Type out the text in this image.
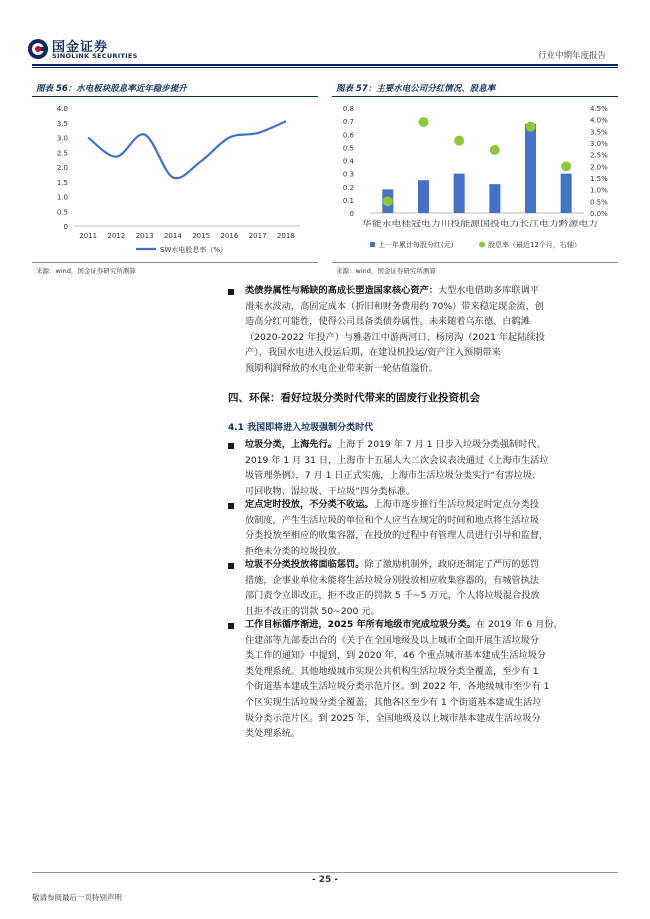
国金证券
SINOLINK SECURITIES	行业中期年度报告
图表 56：水电板块股息率近年稳步提升
0
0.5
1.0
1.5
2.0
2.5
3.0
3.5
4.0
2011 2012 2013 2014 2015 2016 2017 2018
SW水电股息率（%）
来源：wind，国金证券研究所测算
图表 57：主要水电公司分红情况、股息率
0
0.1
0.2
0.3
0.4
0.5
0.6
0.7
0.8
0.0%
0.5%
1.0%
1.5%
2.0%
2.5%
3.0%
3.5%
4.0%
4.5%
华能水电桂冠电力川投能源国投电力长江电力黔源电力
上一年累计每股分红(元)	股息率（最近12个月，右轴）
来源：wind，国金证券研究所测算
类债券属性与稀缺的高成长塑造国家核心资产：大型水电借助多库联调平
滑来水波动，高固定成本（折旧和财务费用约 70%）带来稳定现金流，创
造高分红可能性，使得公司具备类债券属性。未来随着乌东德、白鹤滩
（2020-2022 年投产）与雅砻江中游两河口、杨房沟（2021 年起陆续投
产），我国水电进入投运后期，在建设机投运/资产注入预期带来
预期利润释放的水电企业带来新一轮估值溢价。
四、环保：看好垃圾分类时代带来的固废行业投资机会
4.1 我国即将进入垃圾强制分类时代
垃圾分类，上海先行。上海于 2019 年 7 月 1 日步入垃圾分类强制时代。
2019 年 1 月 31 日，上海市十五届人大二次会议表决通过《上海市生活垃
圾管理条例》，7 月 1 日正式实施，上海市生活垃圾分类实行“有害垃圾、
可回收物、湿垃圾、干垃圾”四分类标准。
定点定时投放，不分类不收运。上海市逐步推行生活垃圾定时定点分类投
放制度，产生生活垃圾的单位和个人应当在规定的时间和地点将生活垃圾
分类投放至相应的收集容器，在投放的过程中有管理人员进行引导和监督，
拒绝未分类的垃圾投放。
垃圾不分类投放将面临惩罚。除了激励机制外，政府还制定了严厉的惩罚
措施，企事业单位未能将生活垃圾分别投放相应收集容器的，有城管执法
部门责令立即改正，拒不改正的罚款 5 千~5 万元，个人将垃圾混合投放
且拒不改正的罚款 50~200 元。
工作目标循序渐进，2025 年所有地级市完成垃圾分类。在 2019 年 6 月份，
住建部等九部委出台的《关于在全国地级及以上城市全面开展生活垃圾分
类工作的通知》中提到，到 2020 年，46 个重点城市基本建成生活垃圾分
类处理系统。其他地级城市实现公共机构生活垃圾分类全覆盖，至少有 1
个街道基本建成生活垃圾分类示范片区。到 2022 年，各地级城市至少有 1
个区实现生活垃圾分类全覆盖，其他各区至少有 1 个街道基本建成生活垃
圾分类示范片区。到 2025 年，全国地级及以上城市基本建成生活垃圾分
类处理系统。
- 25 -
敬请参阅最后一页特别声明
